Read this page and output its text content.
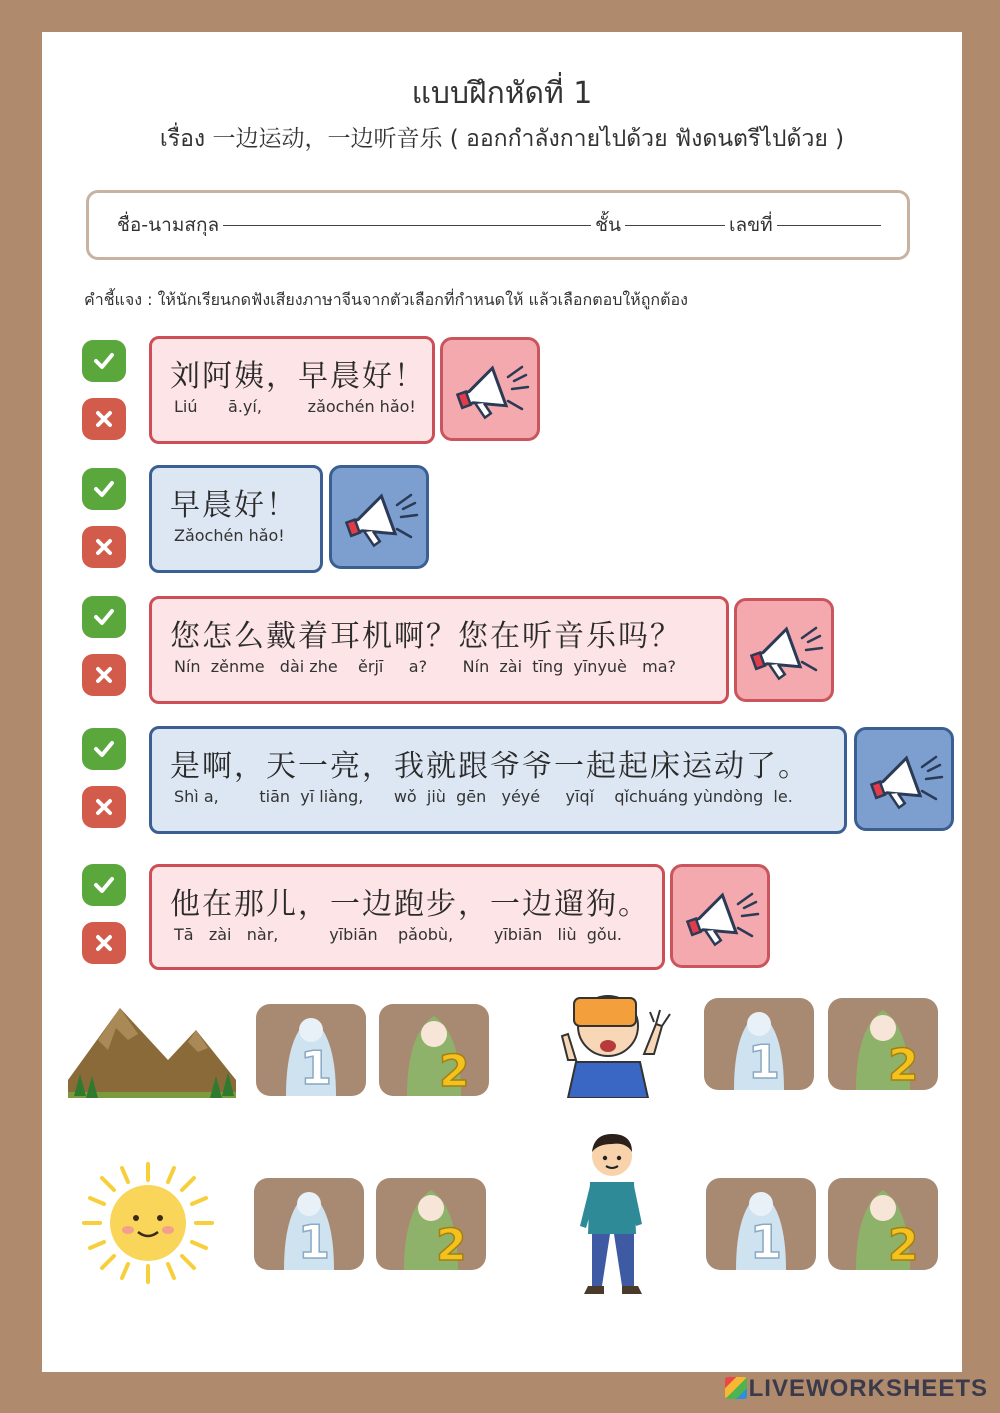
แบบฝึกหัดที่ 1
เรื่อง 一边运动，一边听音乐 ( ออกกำลังกายไปด้วย ฟังดนตรีไปด้วย )
ชื่อ-นามสกุล	ชั้น	เลขที่
คำชี้แจง : ให้นักเรียนกดฟังเสียงภาษาจีนจากตัวเลือกที่กำหนดให้ แล้วเลือกตอบให้ถูกต้อง
刘阿姨，早晨好！
Liú      ā.yí,         zǎochén hǎo!
早晨好！
Zǎochén hǎo!
您怎么戴着耳机啊？您在听音乐吗？
Nín  zěnme   dài zhe    ěrjī     a?       Nín  zài  tīng  yīnyuè   ma?
是啊，天一亮，我就跟爷爷一起起床运动了。
Shì a,        tiān  yī liàng,      wǒ  jiù  gēn   yéyé     yīqǐ    qǐchuáng yùndòng  le.
他在那儿，一边跑步，一边遛狗。
Tā   zài   nàr,          yībiān    pǎobù,        yībiān   liù  gǒu.
1 2	1 2
1 2	1 2
LIVEWORKSHEETS
